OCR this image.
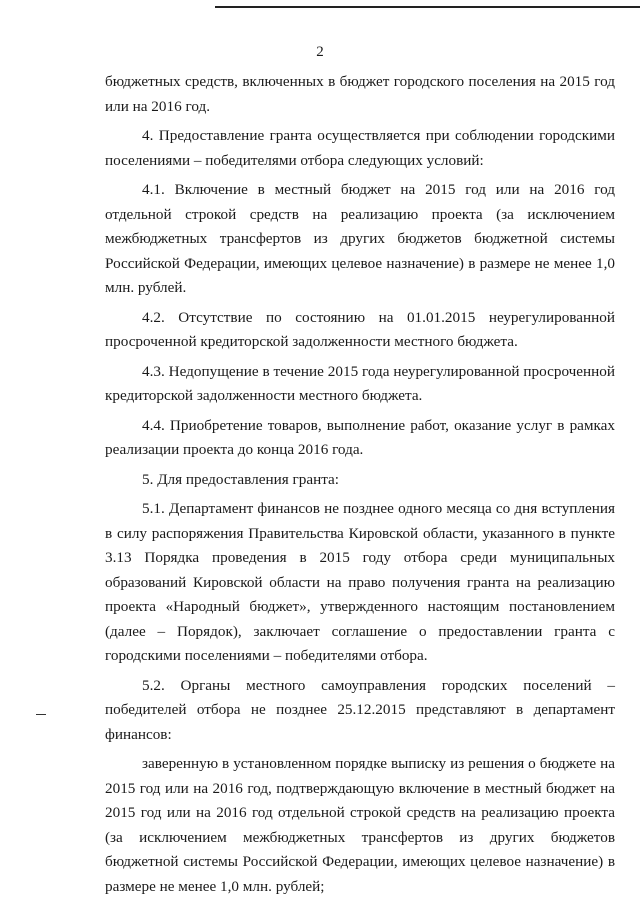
2

бюджетных средств, включенных в бюджет городского поселения на 2015 год или на 2016 год.

4. Предоставление гранта осуществляется при соблюдении городскими поселениями – победителями отбора следующих условий:

4.1. Включение в местный бюджет на 2015 год или на 2016 год отдельной строкой средств на реализацию проекта (за исключением межбюджетных трансфертов из других бюджетов бюджетной системы Российской Федерации, имеющих целевое назначение) в размере не менее 1,0 млн. рублей.

4.2. Отсутствие по состоянию на 01.01.2015 неурегулированной просроченной кредиторской задолженности местного бюджета.

4.3. Недопущение в течение 2015 года неурегулированной просроченной кредиторской задолженности местного бюджета.

4.4. Приобретение товаров, выполнение работ, оказание услуг в рамках реализации проекта до конца 2016 года.

5. Для предоставления гранта:

5.1. Департамент финансов не позднее одного месяца со дня вступления в силу распоряжения Правительства Кировской области, указанного в пункте 3.13 Порядка проведения в 2015 году отбора среди муниципальных образований Кировской области на право получения гранта на реализацию проекта «Народный бюджет», утвержденного настоящим постановлением (далее – Порядок), заключает соглашение о предоставлении гранта с городскими поселениями – победителями отбора.

5.2. Органы местного самоуправления городских поселений – победителей отбора не позднее 25.12.2015 представляют в департамент финансов:

заверенную в установленном порядке выписку из решения о бюджете на 2015 год или на 2016 год, подтверждающую включение в местный бюджет на 2015 год или на 2016 год отдельной строкой средств на реализацию проекта (за исключением межбюджетных трансфертов из других бюджетов бюджетной системы Российской Федерации, имеющих целевое назначение) в размере не менее 1,0 млн. рублей;
